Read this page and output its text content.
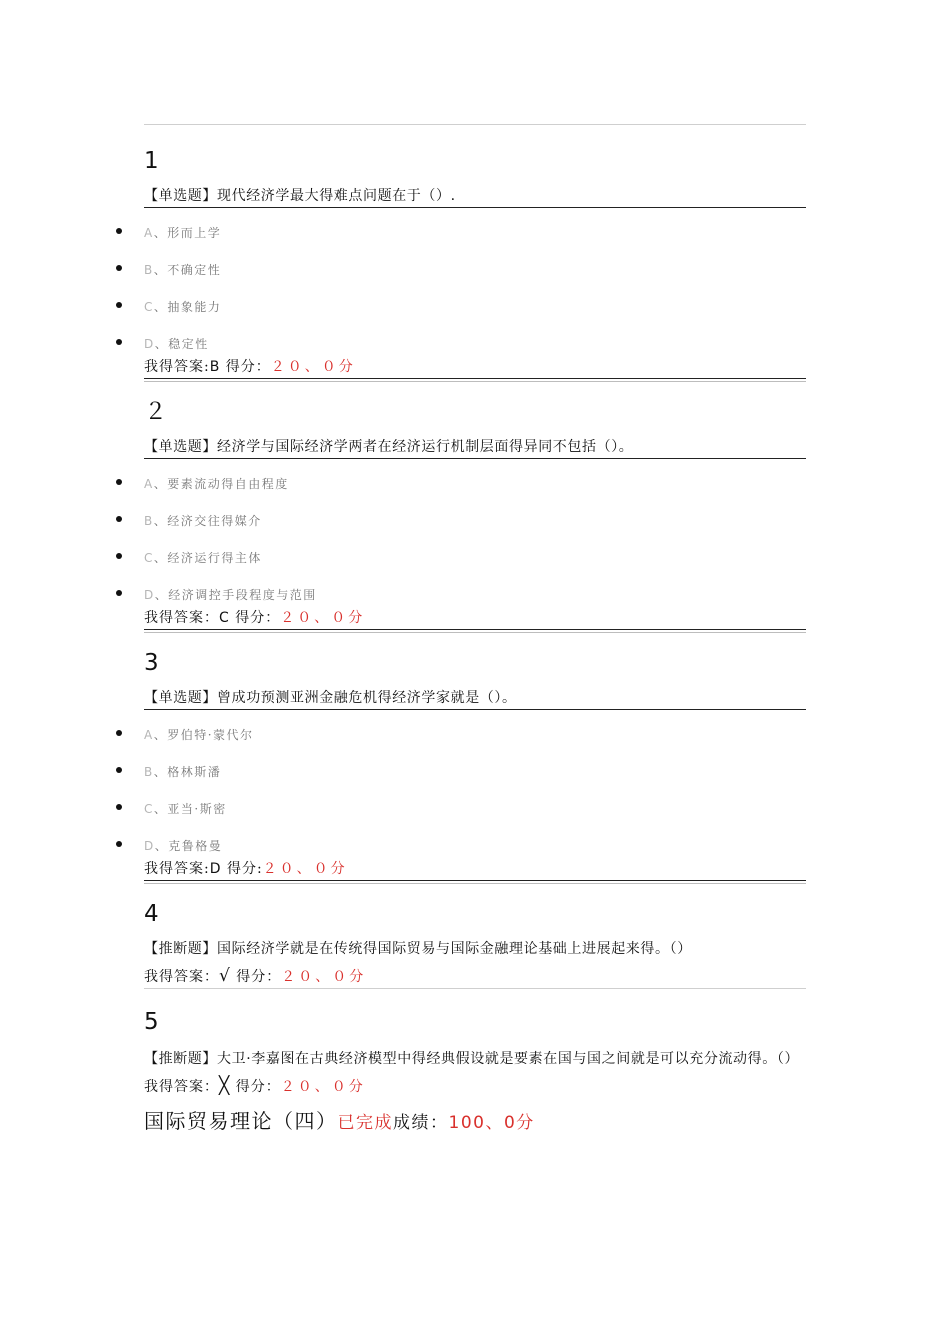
1
【单选题】现代经济学最大得难点问题在于（）.
A、形而上学
B、不确定性
C、抽象能力
D、稳定性
我得答案:B 得分：２０、０分
２
【单选题】经济学与国际经济学两者在经济运行机制层面得异同不包括（）。
A、要素流动得自由程度
B、经济交往得媒介
C、经济运行得主体
D、经济调控手段程度与范围
我得答案：C 得分：２０、０分
3
【单选题】曾成功预测亚洲金融危机得经济学家就是（）。
A、罗伯特·蒙代尔
B、格林斯潘
C、亚当·斯密
D、克鲁格曼
我得答案:D 得分:２０、０分
4
【推断题】国际经济学就是在传统得国际贸易与国际金融理论基础上进展起来得。（）
我得答案：√ 得分：２０、０分
5
【推断题】大卫·李嘉图在古典经济模型中得经典假设就是要素在国与国之间就是可以充分流动得。（）
我得答案：╳ 得分：２０、０分
国际贸易理论（四）已完成成绩：100、0分
